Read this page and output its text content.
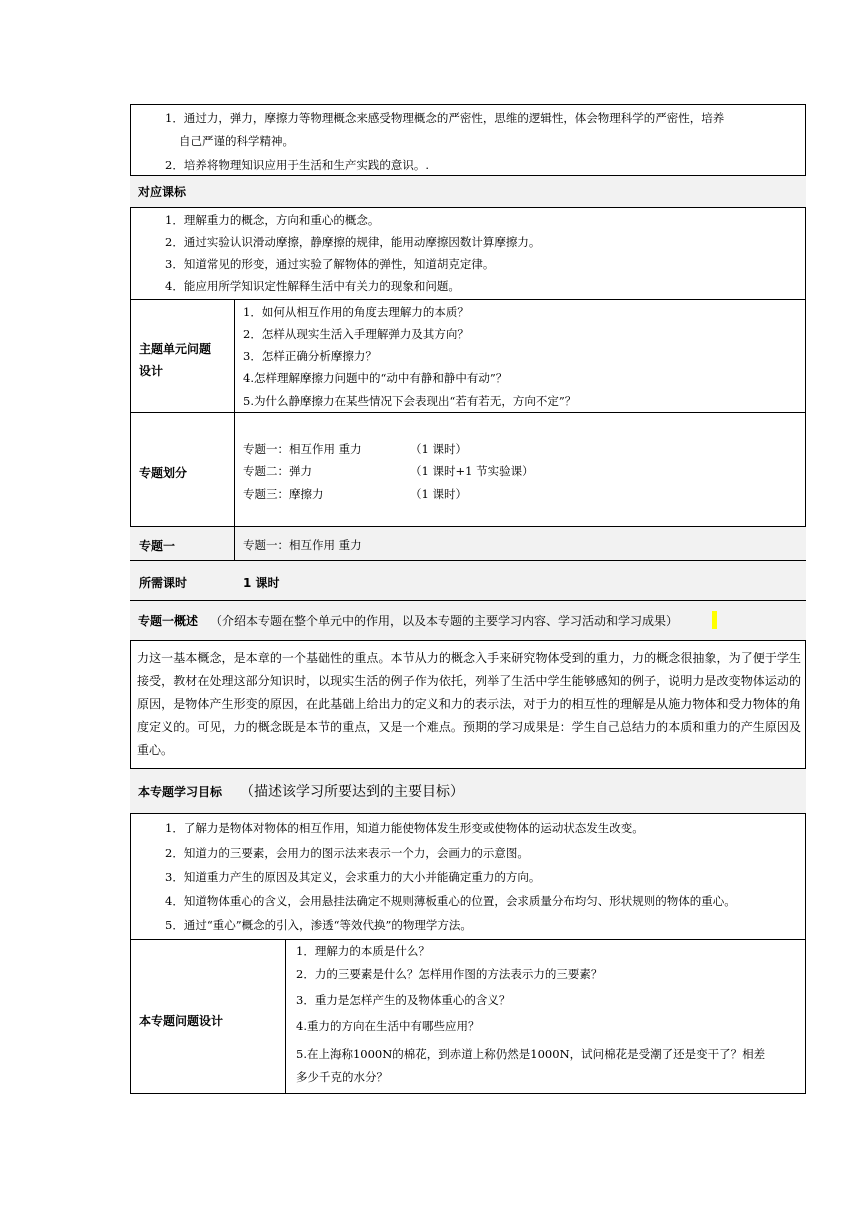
1．通过力，弹力，摩擦力等物理概念来感受物理概念的严密性，思维的逻辑性，体会物理科学的严密性，培养
自己严谨的科学精神。
2．培养将物理知识应用于生活和生产实践的意识。.
对应课标
1．理解重力的概念，方向和重心的概念。
2．通过实验认识滑动摩擦，静摩擦的规律，能用动摩擦因数计算摩擦力。
3．知道常见的形变，通过实验了解物体的弹性，知道胡克定律。
4．能应用所学知识定性解释生活中有关力的现象和问题。
主题单元问题
设计
1．如何从相互作用的角度去理解力的本质？
2．怎样从现实生活入手理解弹力及其方向？
3．怎样正确分析摩擦力？
4.怎样理解摩擦力问题中的“动中有静和静中有动”？
5.为什么静摩擦力在某些情况下会表现出“若有若无，方向不定”？
专题划分
专题一：相互作用 重力	（1 课时）
专题二：弹力	（1 课时+1 节实验课）
专题三：摩擦力	（1 课时）
专题一	专题一：相互作用 重力
所需课时	1 课时
专题一概述 （介绍本专题在整个单元中的作用，以及本专题的主要学习内容、学习活动和学习成果）
力这一基本概念，是本章的一个基础性的重点。本节从力的概念入手来研究物体受到的重力，力的概念很抽象，为了便于学生接受，教材在处理这部分知识时，以现实生活的例子作为依托，列举了生活中学生能够感知的例子，说明力是改变物体运动的原因，是物体产生形变的原因，在此基础上给出力的定义和力的表示法，对于力的相互性的理解是从施力物体和受力物体的角度定义的。可见，力的概念既是本节的重点，又是一个难点。预期的学习成果是：学生自己总结力的本质和重力的产生原因及重心。
本专题学习目标 （描述该学习所要达到的主要目标）
1．了解力是物体对物体的相互作用，知道力能使物体发生形变或使物体的运动状态发生改变。
2．知道力的三要素，会用力的图示法来表示一个力，会画力的示意图。
3．知道重力产生的原因及其定义，会求重力的大小并能确定重力的方向。
4．知道物体重心的含义，会用悬挂法确定不规则薄板重心的位置，会求质量分布均匀、形状规则的物体的重心。
5．通过“重心”概念的引入，渗透“等效代换”的物理学方法。
本专题问题设计
1．理解力的本质是什么？
2．力的三要素是什么？怎样用作图的方法表示力的三要素？
3．重力是怎样产生的及物体重心的含义？
4.重力的方向在生活中有哪些应用？
5.在上海称1000N的棉花，到赤道上称仍然是1000N，试问棉花是受潮了还是变干了？相差
多少千克的水分？
